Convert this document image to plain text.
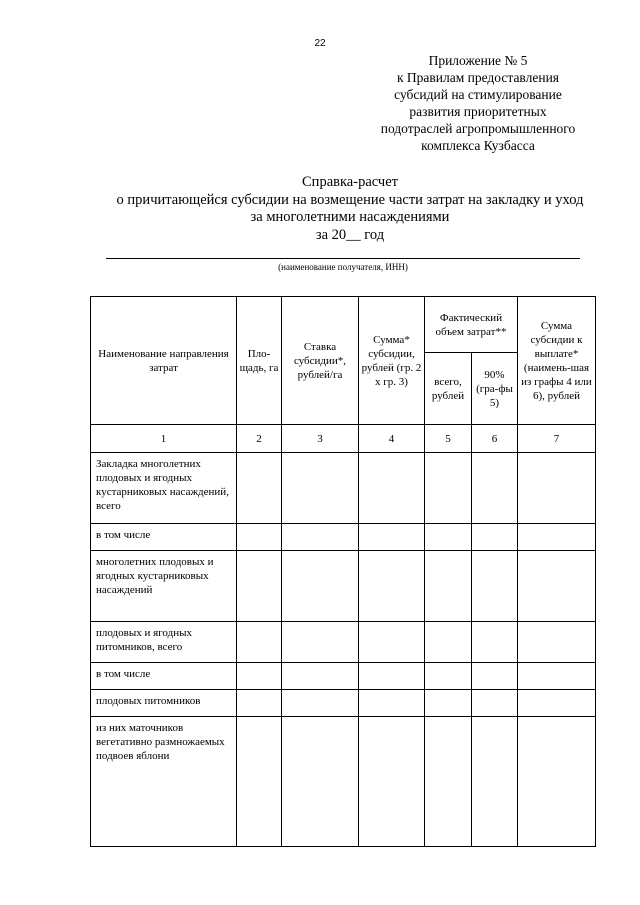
22
Приложение № 5
к Правилам предоставления
субсидий на стимулирование
развития приоритетных
подотраслей агропромышленного
комплекса Кузбасса
Справка-расчет
о причитающейся субсидии на возмещение части затрат на закладку и уход
за многолетними насаждениями
за 20__ год
(наименование получателя, ИНН)
Наименование направления затрат	Пло-щадь, га	Ставка субсидии*, рублей/га	Сумма* субсидии, рублей (гр. 2 х гр. 3)	Фактический объем затрат**		Сумма субсидии к выплате* (наимень-шая из графы 4 или 6), рублей
				всего, рублей	90% (гра-фы 5)	
1	2	3	4	5	6	7
Закладка многолетних плодовых и ягодных кустарниковых насаждений, всего						
в том числе						
многолетних плодовых и ягодных кустарниковых насаждений						
плодовых и ягодных питомников, всего						
в том числе						
плодовых питомников						
из них маточников вегетативно размножаемых подвоев яблони						
